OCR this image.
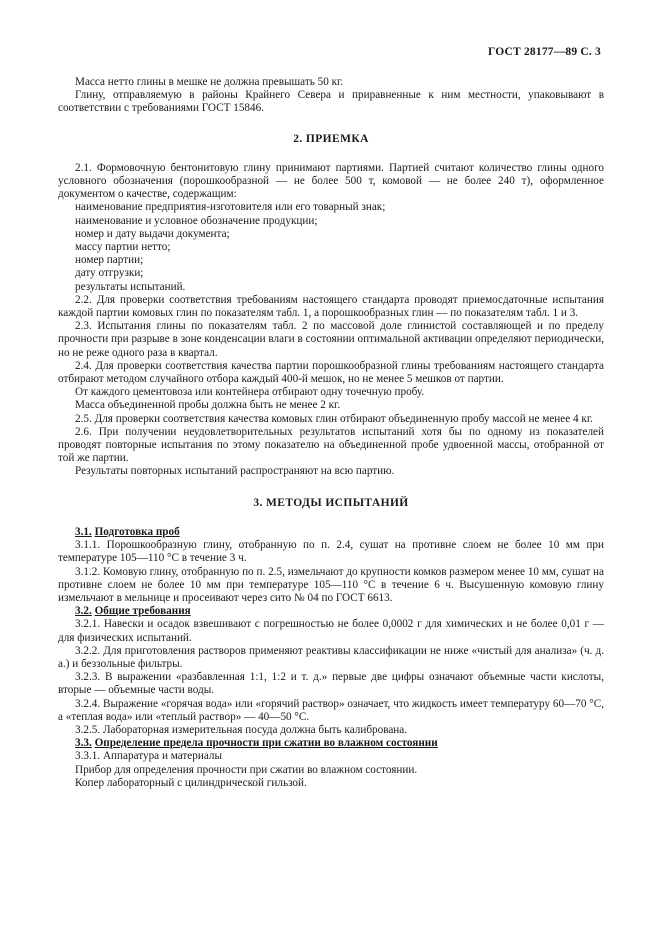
ГОСТ 28177—89 С. 3

Масса нетто глины в мешке не должна превышать 50 кг.

Глину, отправляемую в районы Крайнего Севера и приравненные к ним местности, упаковывают в соответствии с требованиями ГОСТ 15846.

2. ПРИЕМКА

2.1. Формовочную бентонитовую глину принимают партиями. Партией считают количество глины одного условного обозначения (порошкообразной — не более 500 т, комовой — не более 240 т), оформленное документом о качестве, содержащим:

наименование предприятия-изготовителя или его товарный знак;

наименование и условное обозначение продукции;

номер и дату выдачи документа;

массу партии нетто;

номер партии;

дату отгрузки;

результаты испытаний.

2.2. Для проверки соответствия требованиям настоящего стандарта проводят приемосдаточные испытания каждой партии комовых глин по показателям табл. 1, а порошкообразных глин — по показателям табл. 1 и 3.

2.3. Испытания глины по показателям табл. 2 по массовой доле глинистой составляющей и по пределу прочности при разрыве в зоне конденсации влаги в состоянии оптимальной активации определяют периодически, но не реже одного раза в квартал.

2.4. Для проверки соответствия качества партии порошкообразной глины требованиям настоящего стандарта отбирают методом случайного отбора каждый 400-й мешок, но не менее 5 мешков от партии.

От каждого цементовоза или контейнера отбирают одну точечную пробу.

Масса объединенной пробы должна быть не менее 2 кг.

2.5. Для проверки соответствия качества комовых глин отбирают объединенную пробу массой не менее 4 кг.

2.6. При получении неудовлетворительных результатов испытаний хотя бы по одному из показателей проводят повторные испытания по этому показателю на объединенной пробе удвоенной массы, отобранной от той же партии.

Результаты повторных испытаний распространяют на всю партию.

3. МЕТОДЫ ИСПЫТАНИЙ

3.1. Подготовка проб

3.1.1. Порошкообразную глину, отобранную по п. 2.4, сушат на противне слоем не более 10 мм при температуре 105—110 °С в течение 3 ч.

3.1.2. Комовую глину, отобранную по п. 2.5, измельчают до крупности комков размером менее 10 мм, сушат на противне слоем не более 10 мм при температуре 105—110 °С в течение 6 ч. Высушенную комовую глину измельчают в мельнице и просеивают через сито № 04 по ГОСТ 6613.

3.2. Общие требования

3.2.1. Навески и осадок взвешивают с погрешностью не более 0,0002 г для химических и не более 0,01 г — для физических испытаний.

3.2.2. Для приготовления растворов применяют реактивы классификации не ниже «чистый для анализа» (ч. д. а.) и беззольные фильтры.

3.2.3. В выражении «разбавленная 1:1, 1:2 и т. д.» первые две цифры означают объемные части кислоты, вторые — объемные части воды.

3.2.4. Выражение «горячая вода» или «горячий раствор» означает, что жидкость имеет температуру 60—70 °С, а «теплая вода» или «теплый раствор» — 40—50 °С.

3.2.5. Лабораторная измерительная посуда должна быть калибрована.

3.3. Определение предела прочности при сжатии во влажном состоянии

3.3.1. Аппаратура и материалы

Прибор для определения прочности при сжатии во влажном состоянии.

Копер лабораторный с цилиндрической гильзой.
